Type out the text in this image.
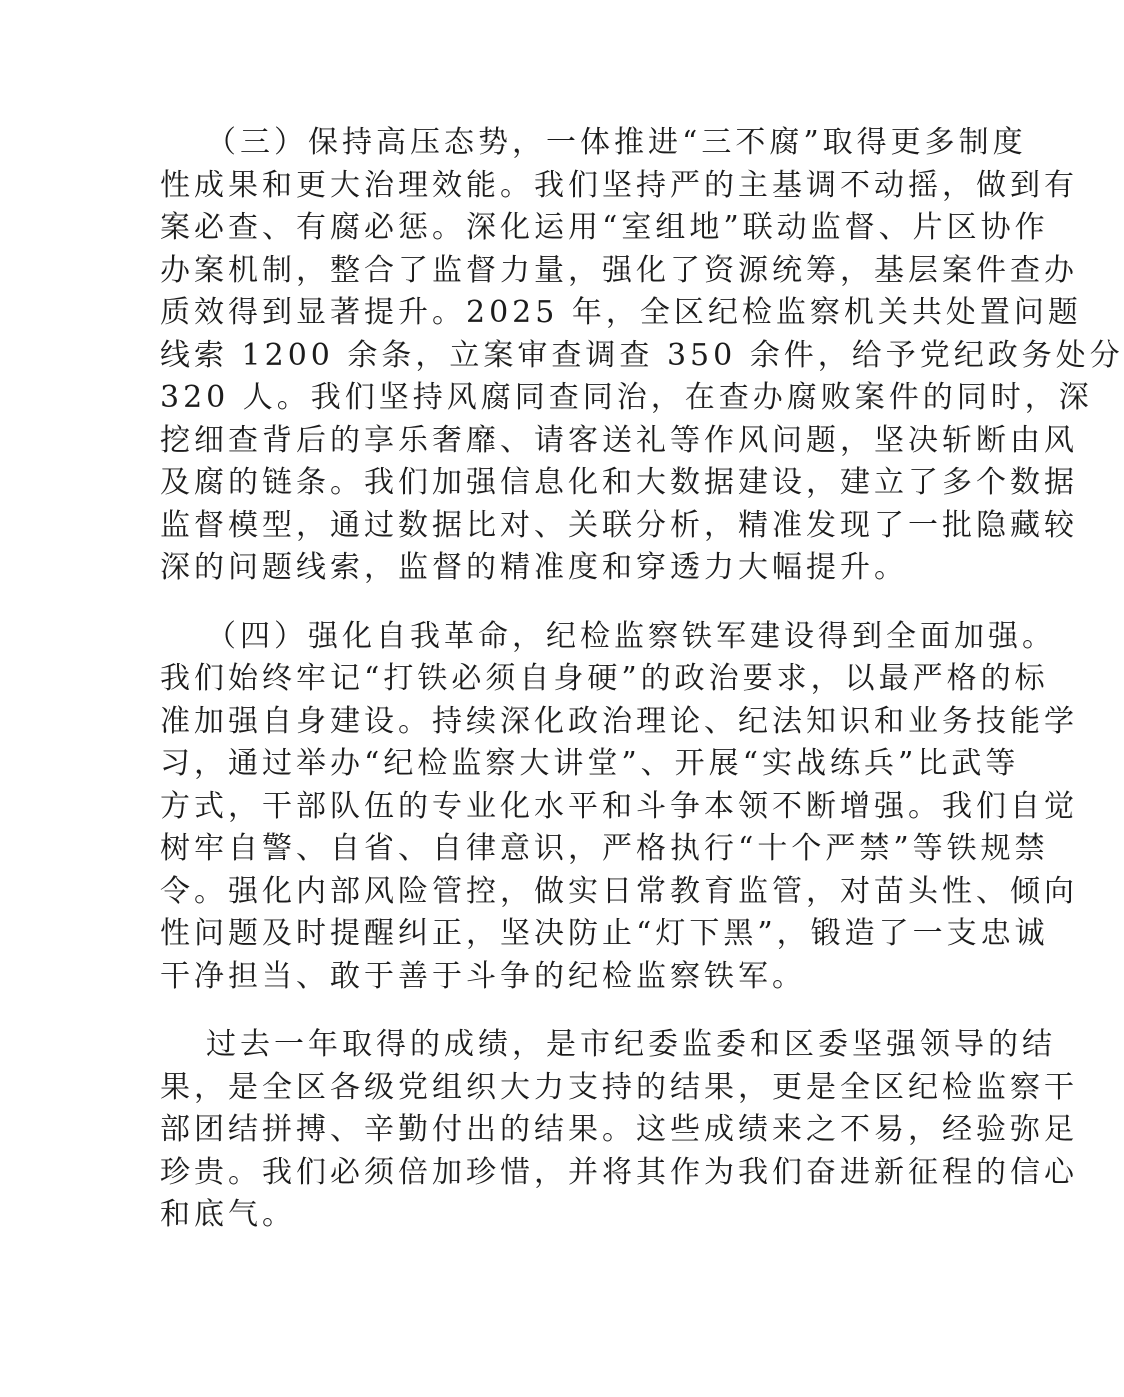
（三）保持高压态势，一体推进“三不腐”取得更多制度
性成果和更大治理效能。我们坚持严的主基调不动摇，做到有
案必查、有腐必惩。深化运用“室组地”联动监督、片区协作
办案机制，整合了监督力量，强化了资源统筹，基层案件查办
质效得到显著提升。2025 年，全区纪检监察机关共处置问题
线索 1200 余条，立案审查调查 350 余件，给予党纪政务处分
320 人。我们坚持风腐同查同治，在查办腐败案件的同时，深
挖细查背后的享乐奢靡、请客送礼等作风问题，坚决斩断由风
及腐的链条。我们加强信息化和大数据建设，建立了多个数据
监督模型，通过数据比对、关联分析，精准发现了一批隐藏较
深的问题线索，监督的精准度和穿透力大幅提升。
（四）强化自我革命，纪检监察铁军建设得到全面加强。
我们始终牢记“打铁必须自身硬”的政治要求，以最严格的标
准加强自身建设。持续深化政治理论、纪法知识和业务技能学
习，通过举办“纪检监察大讲堂”、开展“实战练兵”比武等
方式，干部队伍的专业化水平和斗争本领不断增强。我们自觉
树牢自警、自省、自律意识，严格执行“十个严禁”等铁规禁
令。强化内部风险管控，做实日常教育监管，对苗头性、倾向
性问题及时提醒纠正，坚决防止“灯下黑”，锻造了一支忠诚
干净担当、敢于善于斗争的纪检监察铁军。
过去一年取得的成绩，是市纪委监委和区委坚强领导的结
果，是全区各级党组织大力支持的结果，更是全区纪检监察干
部团结拼搏、辛勤付出的结果。这些成绩来之不易，经验弥足
珍贵。我们必须倍加珍惜，并将其作为我们奋进新征程的信心
和底气。
